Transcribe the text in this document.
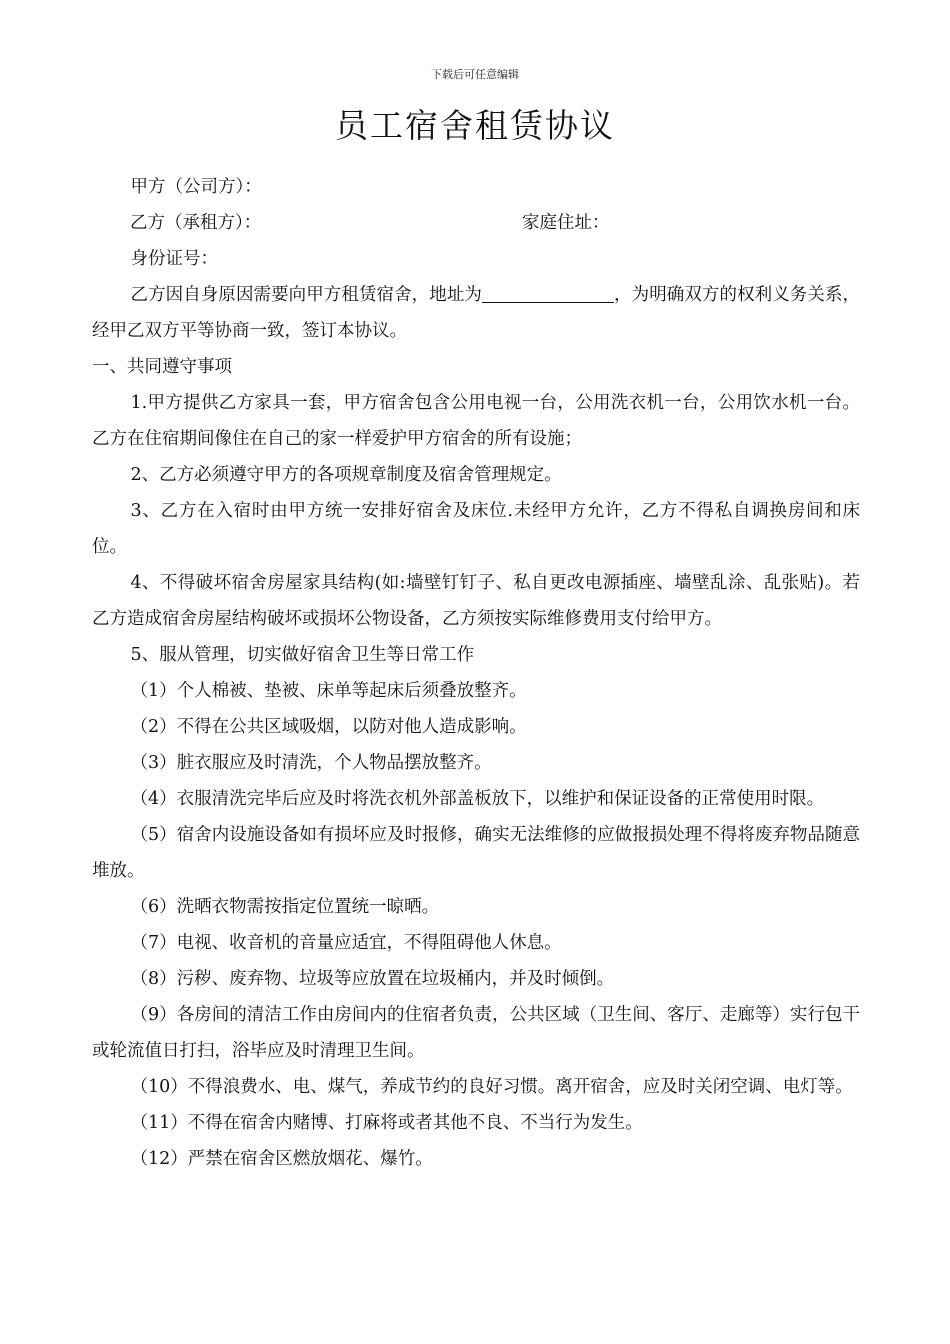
下载后可任意编辑
员工宿舍租赁协议

甲方（公司方）：

乙方（承租方）：	家庭住址：

身份证号：

乙方因自身原因需要向甲方租赁宿舍，地址为	，为明确双方的权利义务关系，经甲乙双方平等协商一致，签订本协议。

一、共同遵守事项

1.甲方提供乙方家具一套，甲方宿舍包含公用电视一台，公用洗衣机一台，公用饮水机一台。乙方在住宿期间像住在自己的家一样爱护甲方宿舍的所有设施；

2、乙方必须遵守甲方的各项规章制度及宿舍管理规定。

3、乙方在入宿时由甲方统一安排好宿舍及床位.未经甲方允许，乙方不得私自调换房间和床位。

4、不得破坏宿舍房屋家具结构(如:墙壁钉钉子、私自更改电源插座、墙壁乱涂、乱张贴)。若乙方造成宿舍房屋结构破坏或损坏公物设备，乙方须按实际维修费用支付给甲方。

5、服从管理，切实做好宿舍卫生等日常工作

（1）个人棉被、垫被、床单等起床后须叠放整齐。

（2）不得在公共区域吸烟，以防对他人造成影响。

（3）脏衣服应及时清洗，个人物品摆放整齐。

（4）衣服清洗完毕后应及时将洗衣机外部盖板放下，以维护和保证设备的正常使用时限。

（5）宿舍内设施设备如有损坏应及时报修，确实无法维修的应做报损处理不得将废弃物品随意堆放。

（6）洗晒衣物需按指定位置统一晾晒。

（7）电视、收音机的音量应适宜，不得阻碍他人休息。

（8）污秽、废弃物、垃圾等应放置在垃圾桶内，并及时倾倒。

（9）各房间的清洁工作由房间内的住宿者负责，公共区域（卫生间、客厅、走廊等）实行包干或轮流值日打扫，浴毕应及时清理卫生间。

（10）不得浪费水、电、煤气，养成节约的良好习惯。离开宿舍，应及时关闭空调、电灯等。

（11）不得在宿舍内赌博、打麻将或者其他不良、不当行为发生。

（12）严禁在宿舍区燃放烟花、爆竹。
